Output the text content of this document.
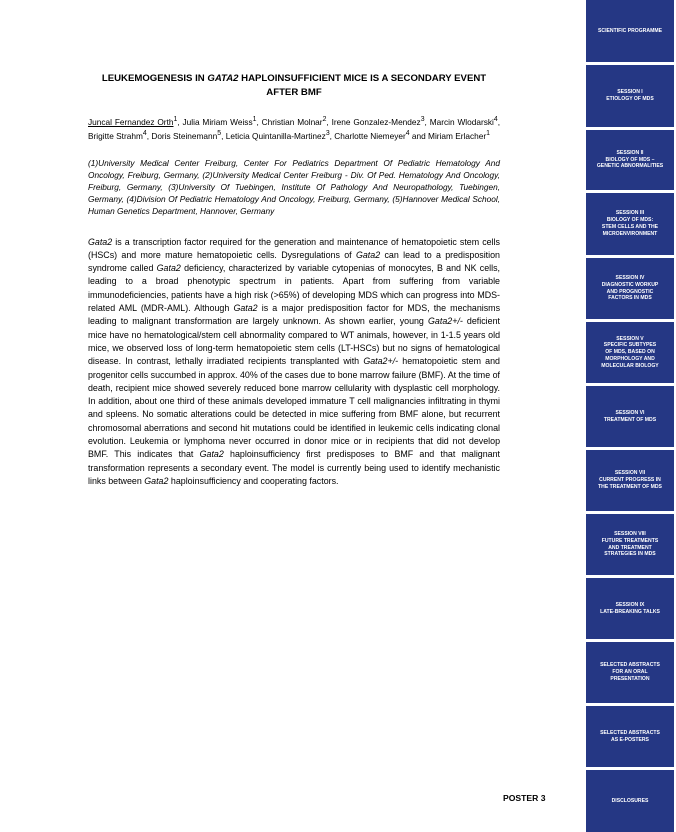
LEUKEMOGENESIS IN GATA2 HAPLOINSUFFICIENT MICE IS A SECONDARY EVENT
AFTER BMF

Juncal Fernandez Orth$^1$, Julia Miriam Weiss$^1$, Christian Molnar$^2$, Irene Gonzalez-Mendez$^3$, Marcin Wlodarski$^4$, Brigitte Strahm$^4$, Doris Steinemann$^5$, Leticia Quintanilla-Martinez$^3$, Charlotte Niemeyer$^4$ and Miriam Erlacher$^1$
(1)University Medical Center Freiburg, Center For Pediatrics Department Of Pediatric Hematology And Oncology, Freiburg, Germany, (2)University Medical Center Freiburg - Div. Of Ped. Hematology And Oncology, Freiburg, Germany, (3)University Of Tuebingen, Institute Of Pathology And Neuropathology, Tuebingen, Germany, (4)Division Of Pediatric Hematology And Oncology, Freiburg, Germany, (5)Hannover Medical School, Human Genetics Department, Hannover, Germany
Gata2 is a transcription factor required for the generation and maintenance of hematopoietic stem cells (HSCs) and more mature hematopoietic cells. Dysregulations of Gata2 can lead to a predisposition syndrome called Gata2 deficiency, characterized by variable cytopenias of monocytes, B and NK cells, leading to a broad phenotypic spectrum in patients. Apart from suffering from variable immunodeficiencies, patients have a high risk (>65%) of developing MDS which can progress into MDS-related AML (MDR-AML). Although Gata2 is a major predisposition factor for MDS, the mechanisms leading to malignant transformation are largely unknown. As shown earlier, young Gata2+/- deficient mice have no hematological/stem cell abnormality compared to WT animals, however, in 1-1.5 years old mice, we observed loss of long-term hematopoietic stem cells (LT-HSCs) but no signs of hematological disease. In contrast, lethally irradiated recipients transplanted with Gata2+/- hematopoietic stem and progenitor cells succumbed in approx. 40% of the cases due to bone marrow failure (BMF). At the time of death, recipient mice showed severely reduced bone marrow cellularity with dysplastic cell morphology. In addition, about one third of these animals developed immature T cell malignancies infiltrating in thymi and spleens. No somatic alterations could be detected in mice suffering from BMF alone, but recurrent chromosomal aberrations and second hit mutations could be identified in leukemic cells indicating clonal evolution. Leukemia or lymphoma never occurred in donor mice or in recipients that did not develop BMF. This indicates that Gata2 haploinsufficiency first predisposes to BMF and that malignant transformation represents a secondary event. The model is currently being used to identify mechanistic links between Gata2 haploinsufficiency and cooperating factors.
POSTER 3
SCIENTIFIC PROGRAMME
SESSION I
ETIOLOGY OF MDS
SESSION II
BIOLOGY OF MDS –
GENETIC ABNORMALITIES
SESSION III
BIOLOGY OF MDS:
STEM CELLS AND THE
MICROENVIRONMENT
SESSION IV
DIAGNOSTIC WORKUP
AND PROGNOSTIC
FACTORS IN MDS
SESSION V
SPECIFIC SUBTYPES
OF MDS, BASED ON
MORPHOLOGY AND
MOLECULAR BIOLOGY
SESSION VI
TREATMENT OF MDS
SESSION VII
CURRENT PROGRESS IN
THE TREATMENT OF MDS
SESSION VIII
FUTURE TREATMENTS
AND TREATMENT
STRATEGIES IN MDS
SESSION IX
LATE-BREAKING TALKS
SELECTED ABSTRACTS
FOR AN ORAL
PRESENTATION
SELECTED ABSTRACTS
AS E-POSTERS
DISCLOSURES
